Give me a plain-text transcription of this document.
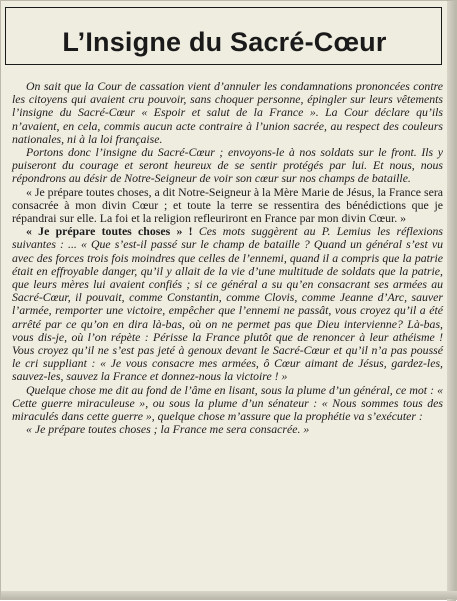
L’Insigne du Sacré-Cœur

On sait que la Cour de cassation vient d’annuler les condamnations prononcées contre les citoyens qui avaient cru pouvoir, sans choquer personne, épingler sur leurs vêtements l’insigne du Sacré-Cœur « Espoir et salut de la France ». La Cour déclare qu’ils n’avaient, en cela, commis aucun acte contraire à l’union sacrée, au respect des couleurs nationales, ni à la loi française.

Portons donc l’insigne du Sacré-Cœur ; envoyons-le à nos soldats sur le front. Ils y puiseront du courage et seront heureux de se sentir protégés par lui. Et nous, nous répondrons au désir de Notre-Seigneur de voir son cœur sur nos champs de bataille.

« Je prépare toutes choses, a dit Notre-Seigneur à la Mère Marie de Jésus, la France sera consacrée à mon divin Cœur ; et toute la terre se ressentira des bénédictions que je répandrai sur elle. La foi et la religion refleuriront en France par mon divin Cœur. »

« Je prépare toutes choses » ! Ces mots suggèrent au P. Lemius les réflexions suivantes : ... « Que s’est-il passé sur le champ de bataille ? Quand un général s’est vu avec des forces trois fois moindres que celles de l’ennemi, quand il a compris que la patrie était en effroyable danger, qu’il y allait de la vie d’une multitude de soldats que la patrie, que leurs mères lui avaient confiés ; si ce général a su qu’en consacrant ses armées au Sacré-Cœur, il pouvait, comme Constantin, comme Clovis, comme Jeanne d’Arc, sauver l’armée, remporter une victoire, empêcher que l’ennemi ne passât, vous croyez qu’il a été arrêté par ce qu’on en dira là-bas, où on ne permet pas que Dieu intervienne? Là-bas, vous dis-je, où l’on répète : Périsse la France plutôt que de renoncer à leur athéisme ! Vous croyez qu’il ne s’est pas jeté à genoux devant le Sacré-Cœur et qu’il n’a pas poussé le cri suppliant : « Je vous consacre mes armées, ô Cœur aimant de Jésus, gardez-les, sauvez-les, sauvez la France et donnez-nous la victoire ! »

Quelque chose me dit au fond de l’âme en lisant, sous la plume d’un général, ce mot : « Cette guerre miraculeuse », ou sous la plume d’un sénateur : « Nous sommes tous des miraculés dans cette guerre », quelque chose m’assure que la prophétie va s’exécuter :

« Je prépare toutes choses ; la France me sera consacrée. »
